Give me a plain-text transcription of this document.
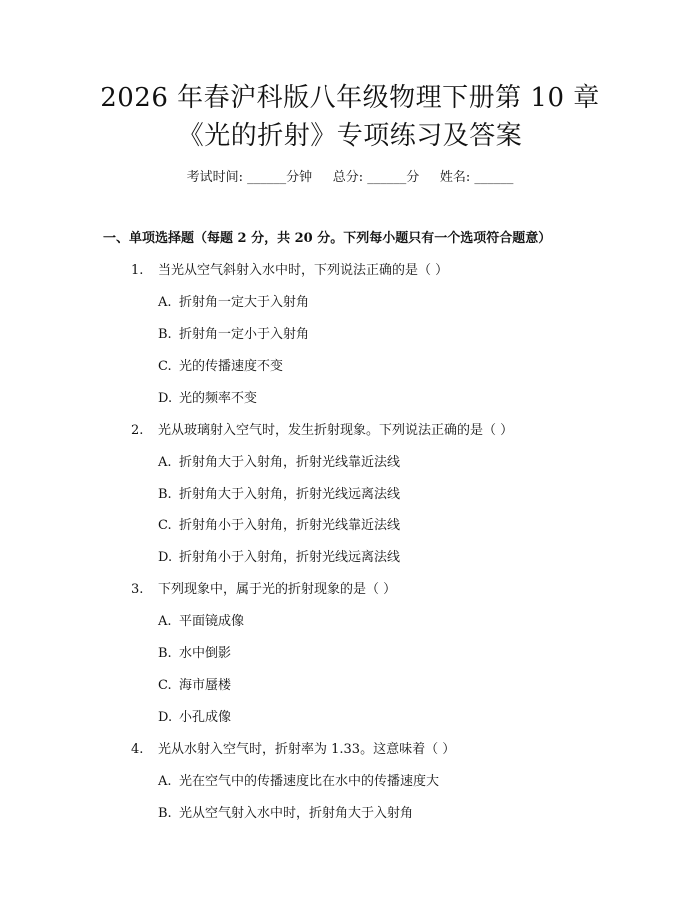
2026 年春沪科版八年级物理下册第 10 章
《光的折射》专项练习及答案
考试时间: ______分钟     总分: ______分     姓名: ______
一、单项选择题（每题 2 分，共 20 分。下列每小题只有一个选项符合题意）
1. 当光从空气斜射入水中时，下列说法正确的是（ ）
A. 折射角一定大于入射角
B. 折射角一定小于入射角
C. 光的传播速度不变
D. 光的频率不变
2. 光从玻璃射入空气时，发生折射现象。下列说法正确的是（ ）
A. 折射角大于入射角，折射光线靠近法线
B. 折射角大于入射角，折射光线远离法线
C. 折射角小于入射角，折射光线靠近法线
D. 折射角小于入射角，折射光线远离法线
3. 下列现象中，属于光的折射现象的是（ ）
A. 平面镜成像
B. 水中倒影
C. 海市蜃楼
D. 小孔成像
4. 光从水射入空气时，折射率为 1.33。这意味着（ ）
A. 光在空气中的传播速度比在水中的传播速度大
B. 光从空气射入水中时，折射角大于入射角
